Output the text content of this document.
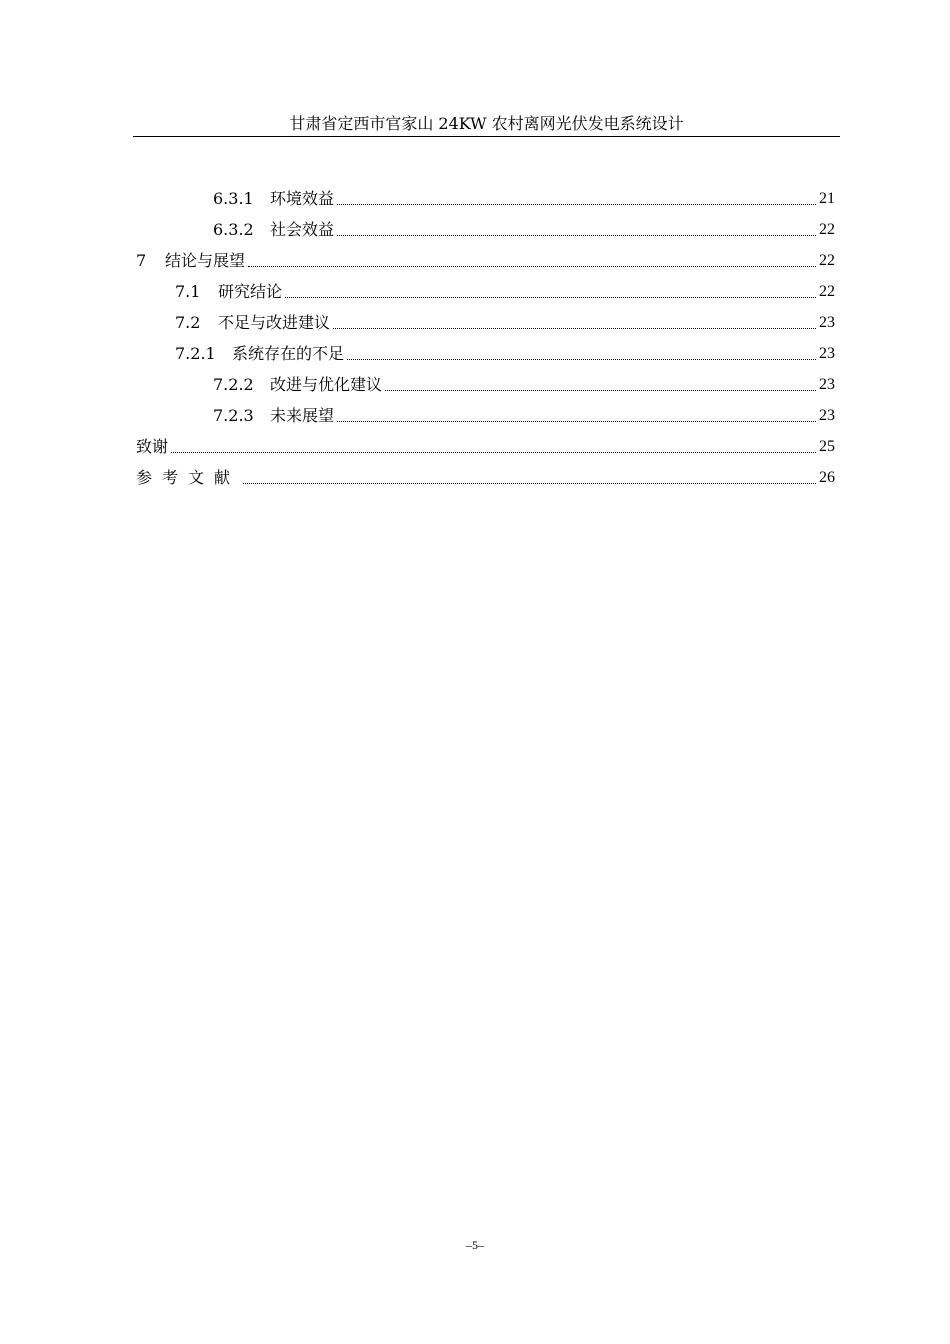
甘肃省定西市官家山 24KW 农村离网光伏发电系统设计
6.3.1	环境效益	21
6.3.2	社会效益	22
7	结论与展望	22
7.1	研究结论	22
7.2	不足与改进建议	23
7.2.1	系统存在的不足	23
7.2.2	改进与优化建议	23
7.2.3	未来展望	23
致谢	25
参考文献	26
–5–
